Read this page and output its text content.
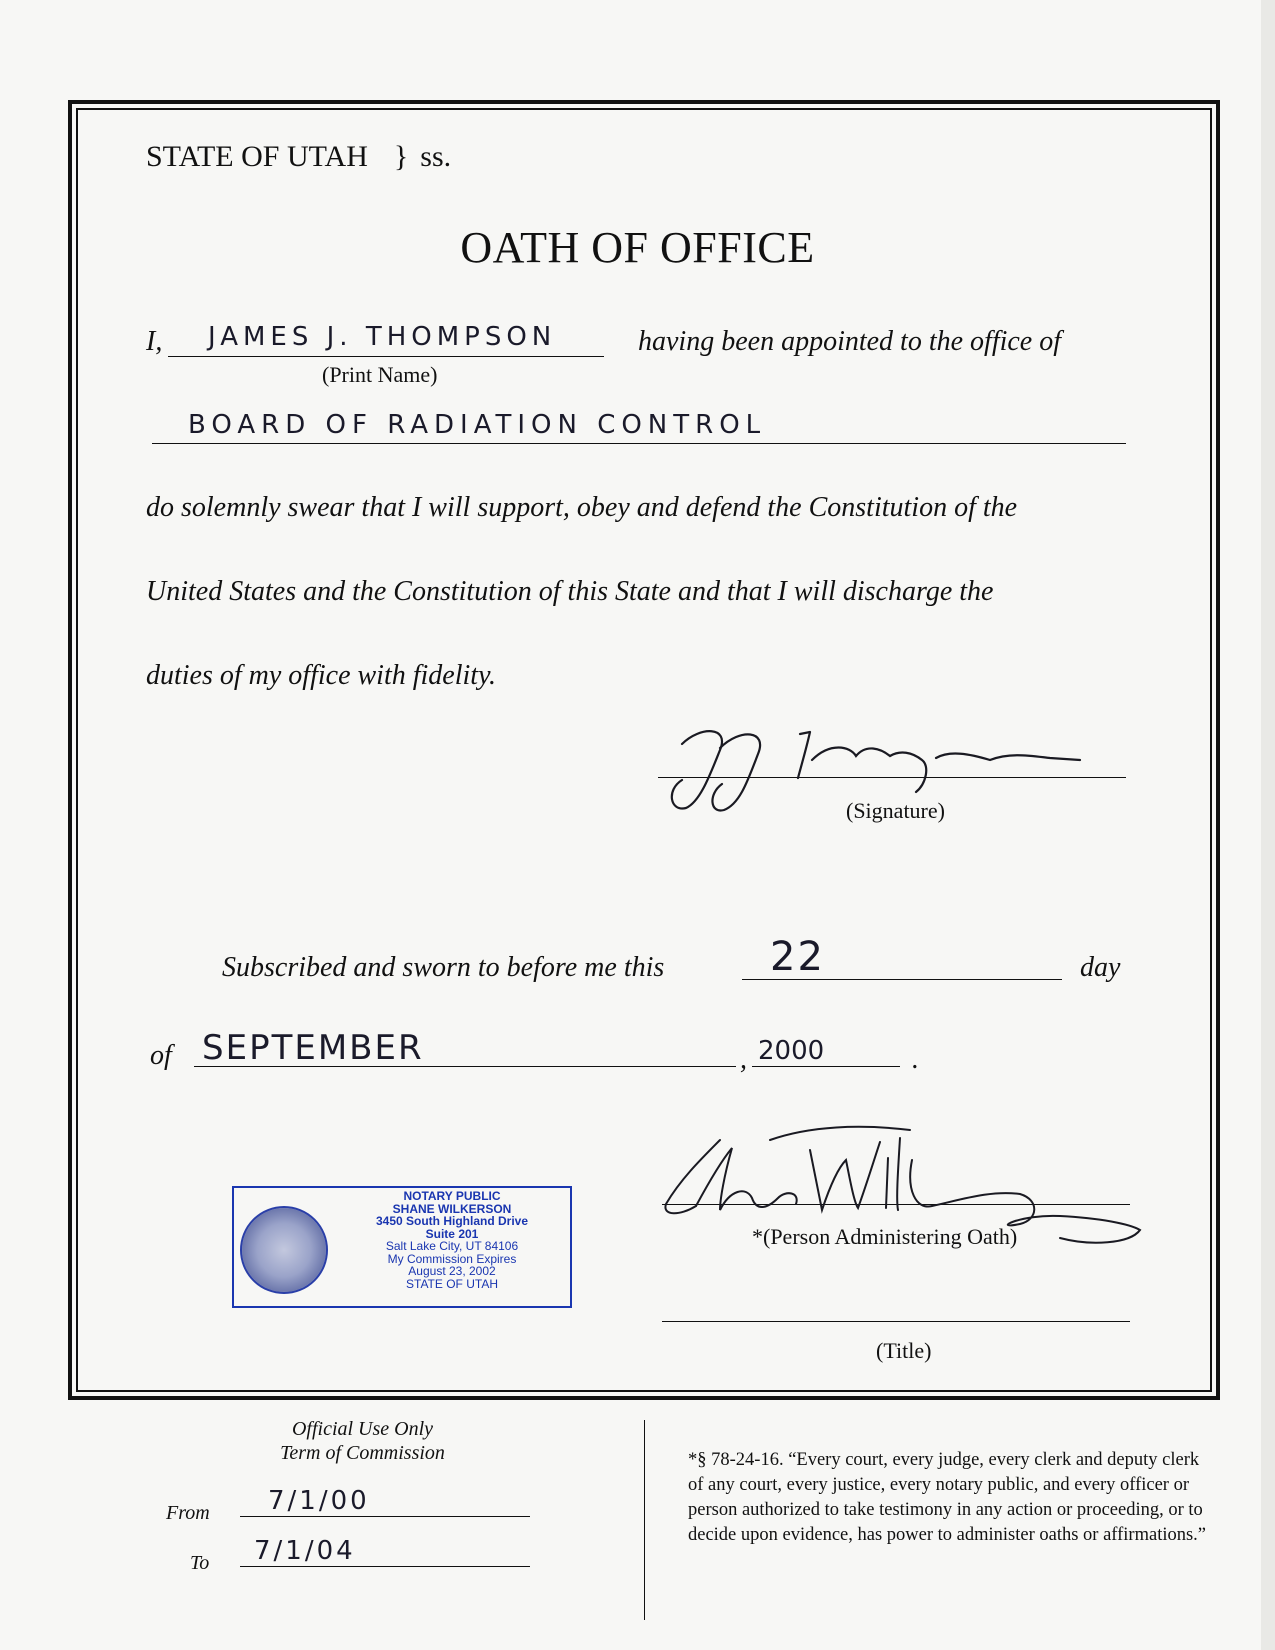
STATE OF UTAH } ss.
OATH OF OFFICE
I, JAMES J. THOMPSON	having been appointed to the office of
(Print Name)
BOARD OF RADIATION CONTROL
do solemnly swear that I will support, obey and defend the Constitution of the
United States and the Constitution of this State and that I will discharge the
duties of my office with fidelity.
(Signature)
Subscribed and sworn to before me this	22	day
of SEPTEMBER	, 2000	.
NOTARY PUBLIC
SHANE WILKERSON
3450 South Highland Drive
Suite 201
Salt Lake City, UT 84106
My Commission Expires
August 23, 2002
STATE OF UTAH
*(Person Administering Oath)
(Title)
Official Use Only
Term of Commission
From 7/1/00
To 7/1/04
*§ 78-24-16. “Every court, every judge, every clerk and deputy clerk of any court, every justice, every notary public, and every officer or person authorized to take testimony in any action or proceeding, or to decide upon evidence, has power to administer oaths or affirmations.”
